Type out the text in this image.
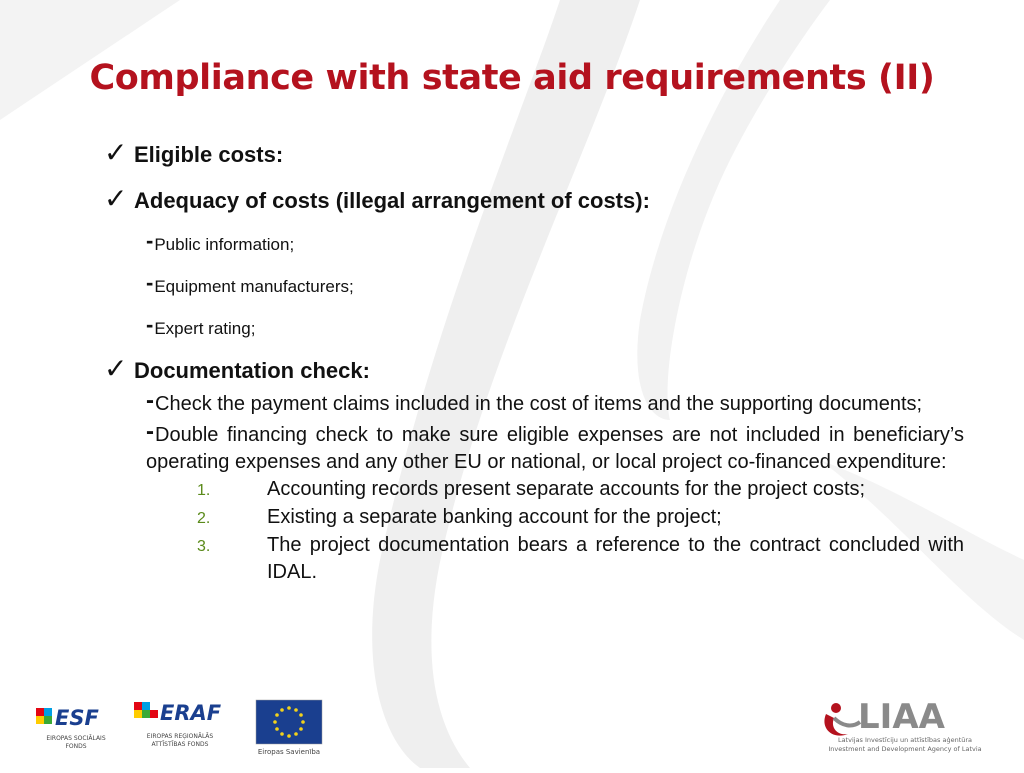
Compliance with state aid requirements (II)
✓ Eligible costs:
✓ Adequacy of costs (illegal arrangement of costs):
-Public information;
-Equipment manufacturers;
-Expert rating;
✓ Documentation check:
-Check the payment claims included in the cost of items and the supporting documents;
-Double financing check to make sure eligible expenses are not included in beneficiary’s operating expenses and any other EU or national, or local project co-financed expenditure:
1.	Accounting records present separate accounts for the project costs;
2.	Existing a separate banking account for the project;
3.	The project documentation bears a reference to the contract concluded with IDAL.
ESF
EIROPAS SOCIĀLAIS
FONDS
ERAF
EIROPAS REĢIONĀLĀS
ATTĪSTĪBAS FONDS
Eiropas Savienība
LIAA
Latvijas Investīciju un attīstības aģentūra
Investment and Development Agency of Latvia
